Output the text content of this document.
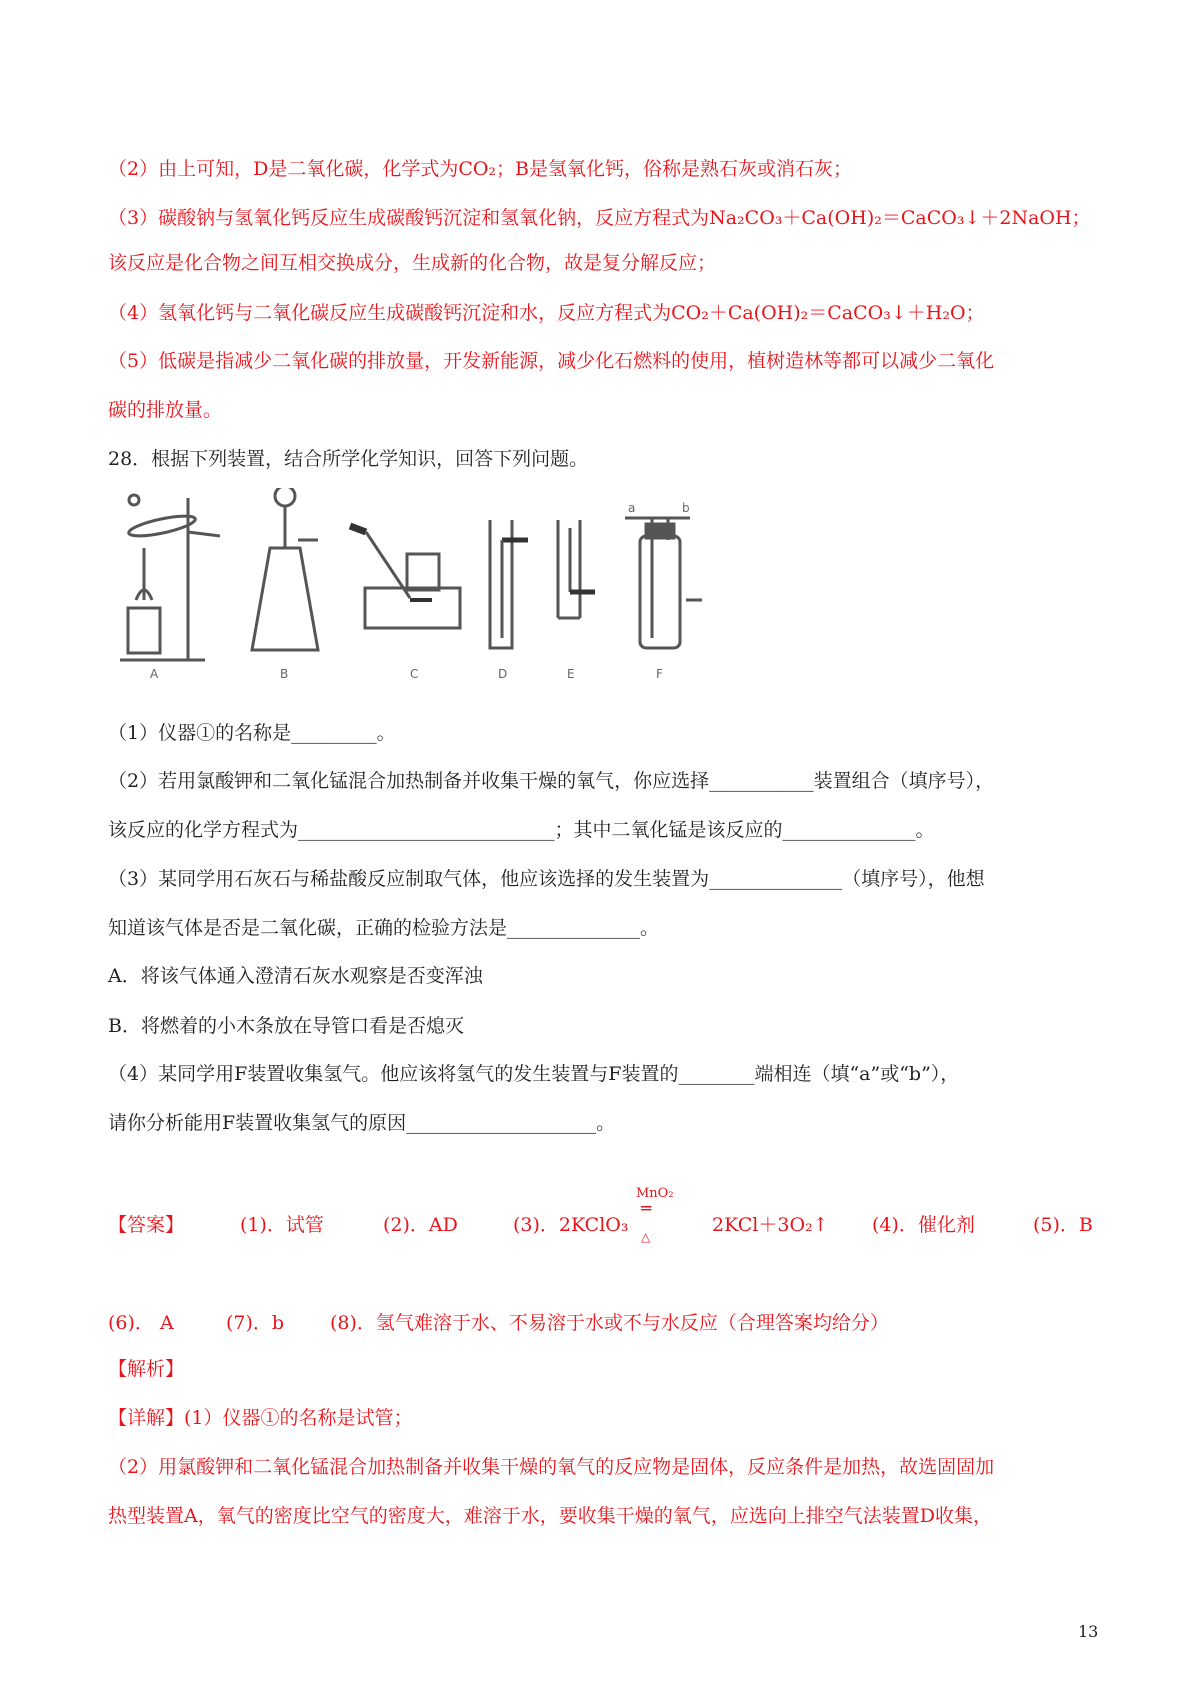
（2）由上可知，D是二氧化碳，化学式为CO₂；B是氢氧化钙，俗称是熟石灰或消石灰；
（3）碳酸钠与氢氧化钙反应生成碳酸钙沉淀和氢氧化钠，反应方程式为Na₂CO₃＋Ca(OH)₂＝CaCO₃↓＋2NaOH；
该反应是化合物之间互相交换成分，生成新的化合物，故是复分解反应；
（4）氢氧化钙与二氧化碳反应生成碳酸钙沉淀和水，反应方程式为CO₂＋Ca(OH)₂＝CaCO₃↓＋H₂O；
（5）低碳是指减少二氧化碳的排放量，开发新能源，减少化石燃料的使用，植树造林等都可以减少二氧化
碳的排放量。
28．根据下列装置，结合所学化学知识，回答下列问题。
A	B	C	D	E	F
a	b
（1）仪器①的名称是_________。
（2）若用氯酸钾和二氧化锰混合加热制备并收集干燥的氧气，你应选择___________装置组合（填序号），
该反应的化学方程式为___________________________；其中二氧化锰是该反应的______________。
（3）某同学用石灰石与稀盐酸反应制取气体，他应该选择的发生装置为______________（填序号），他想
知道该气体是否是二氧化碳，正确的检验方法是______________。
A．将该气体通入澄清石灰水观察是否变浑浊
B．将燃着的小木条放在导管口看是否熄灭
（4）某同学用F装置收集氢气。他应该将氢气的发生装置与F装置的________端相连（填“a”或“b”），
请你分析能用F装置收集氢气的原因____________________。
【答案】	(1)．试管	(2)．AD	(3)．2KClO₃
MnO₂
═
△
2KCl＋3O₂↑ (4)．催化剂	(5)．B
(6)． A	(7)．b (8)．氢气难溶于水、不易溶于水或不与水反应（合理答案均给分）
【解析】
【详解】(1）仪器①的名称是试管；
（2）用氯酸钾和二氧化锰混合加热制备并收集干燥的氧气的反应物是固体，反应条件是加热，故选固固加
热型装置A，氧气的密度比空气的密度大，难溶于水，要收集干燥的氧气，应选向上排空气法装置D收集，
13
